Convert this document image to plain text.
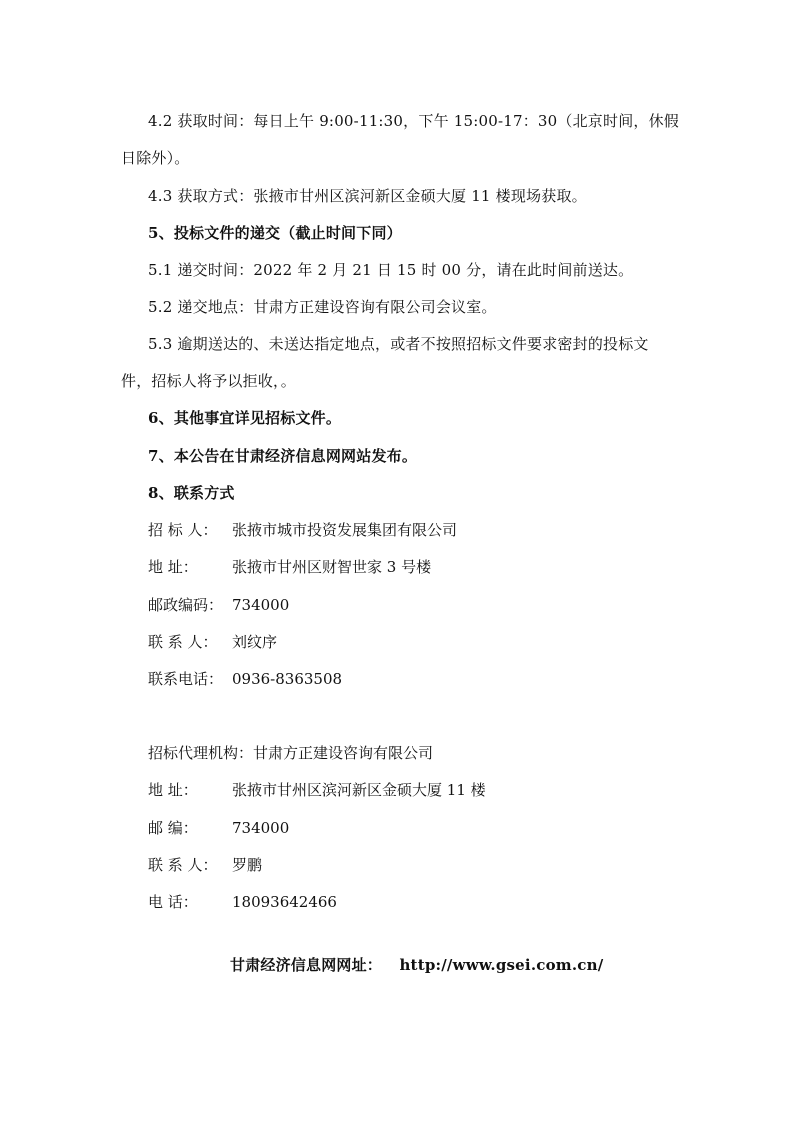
4.2 获取时间：每日上午 9:00-11:30，下午 15:00-17：30（北京时间，休假
日除外）。
4.3 获取方式：张掖市甘州区滨河新区金硕大厦 11 楼现场获取。
5、投标文件的递交（截止时间下同）
5.1 递交时间：2022 年 2 月 21 日 15 时 00 分，请在此时间前送达。
5.2 递交地点：甘肃方正建设咨询有限公司会议室。
5.3 逾期送达的、未送达指定地点，或者不按照招标文件要求密封的投标文
件，招标人将予以拒收，。
6、其他事宜详见招标文件。
7、本公告在甘肃经济信息网网站发布。
8、联系方式
招 标 人： 张掖市城市投资发展集团有限公司
地 址： 张掖市甘州区财智世家 3 号楼
邮政编码： 734000
联 系 人： 刘纹序
联系电话： 0936-8363508
招标代理机构：甘肃方正建设咨询有限公司
地 址： 张掖市甘州区滨河新区金硕大厦 11 楼
邮 编： 734000
联 系 人： 罗鹏
电 话： 18093642466
甘肃经济信息网网址： http://www.gsei.com.cn/
